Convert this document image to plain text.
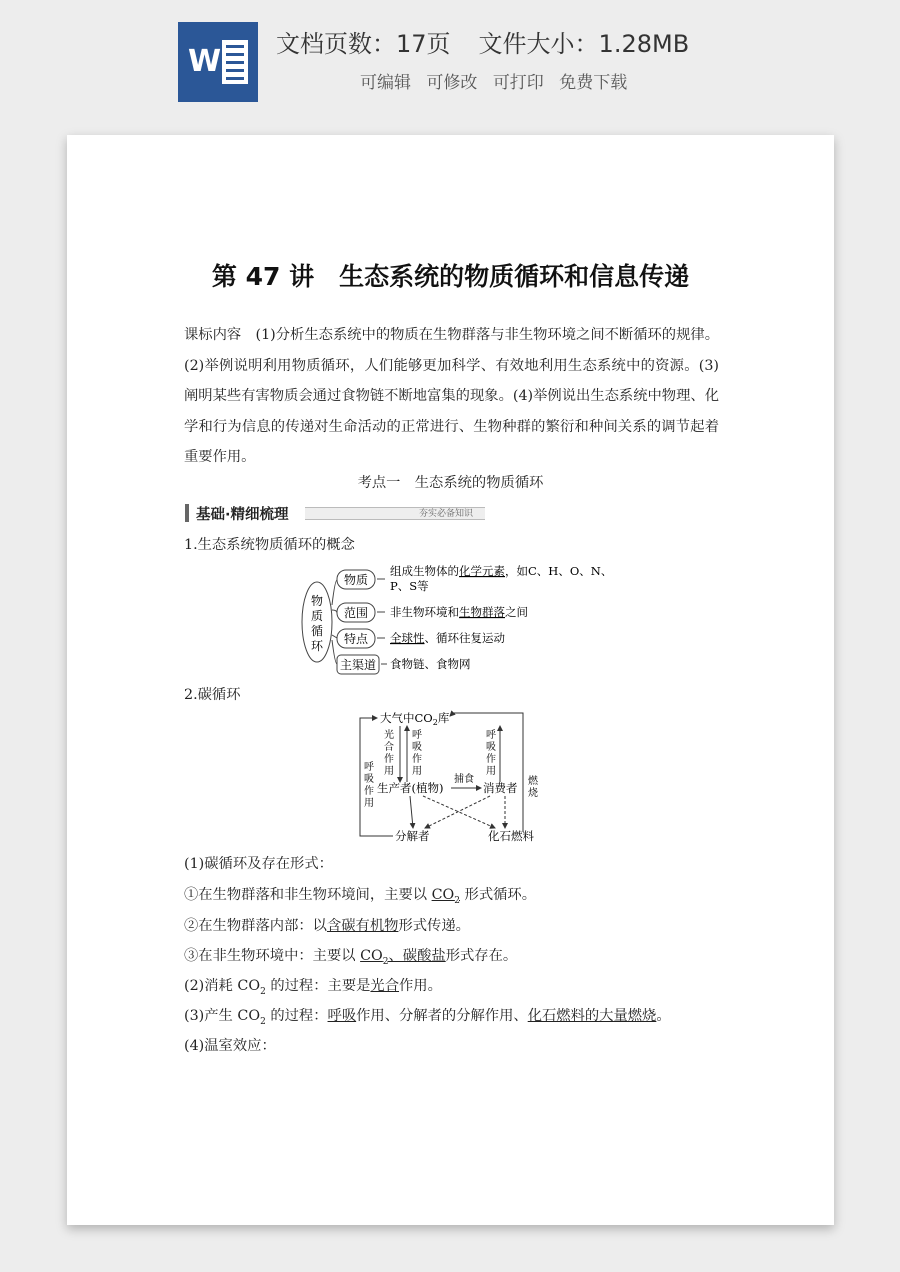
W 文档页数：17页 文件大小：1.28MB
可编辑 可修改 可打印 免费下载
第 47 讲　生态系统的物质循环和信息传递
课标内容　(1)分析生态系统中的物质在生物群落与非生物环境之间不断循环的规律。(2)举例说明利用物质循环，人们能够更加科学、有效地利用生态系统中的资源。(3)阐明某些有害物质会通过食物链不断地富集的现象。(4)举例说出生态系统中物理、化学和行为信息的传递对生命活动的正常进行、生物种群的繁衍和种间关系的调节起着重要作用。
考点一　生态系统的物质循环
基础·精细梳理	夯实必备知识
1.生态系统物质循环的概念
物
质
循
环
物质
范围
特点
主渠道
组成生物体的化学元素，如C、H、O、N、
P、S等
非生物环境和生物群落之间
全球性、循环往复运动
食物链、食物网
2.碳循环
大气中$CO_2$库
生产者(植物)	消费者
分解者	化石燃料
光
合
作
用
呼
吸
作
用
呼
吸
作
用
呼
吸
作
用
捕食	燃
烧
(1)碳循环及存在形式：
①在生物群落和非生物环境间，主要以 $CO_2$ 形式循环。
②在生物群落内部：以含碳有机物形式传递。
③在非生物环境中：主要以 $CO_2$、碳酸盐形式存在。
(2)消耗 $CO_2$ 的过程：主要是光合作用。
(3)产生 $CO_2$ 的过程：呼吸作用、分解者的分解作用、化石燃料的大量燃烧。
(4)温室效应：
